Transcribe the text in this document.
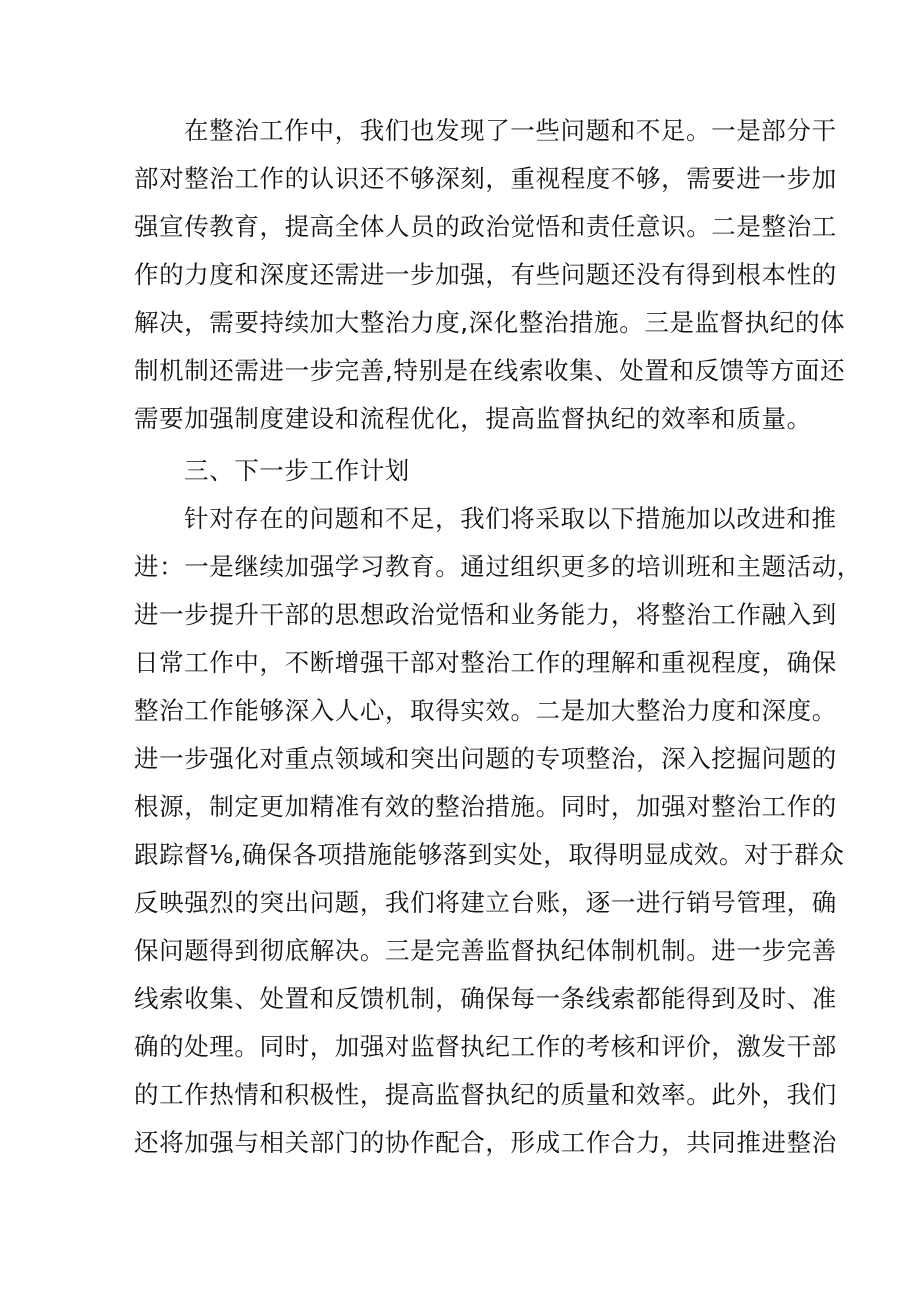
在整治工作中，我们也发现了一些问题和不足。一是部分干
部对整治工作的认识还不够深刻，重视程度不够，需要进一步加
强宣传教育，提高全体人员的政治觉悟和责任意识。二是整治工
作的力度和深度还需进一步加强，有些问题还没有得到根本性的
解决，需要持续加大整治力度,深化整治措施。三是监督执纪的体
制机制还需进一步完善,特别是在线索收集、处置和反馈等方面还
需要加强制度建设和流程优化，提高监督执纪的效率和质量。
三、下一步工作计划
针对存在的问题和不足，我们将采取以下措施加以改进和推
进：一是继续加强学习教育。通过组织更多的培训班和主题活动，
进一步提升干部的思想政治觉悟和业务能力，将整治工作融入到
日常工作中，不断增强干部对整治工作的理解和重视程度，确保
整治工作能够深入人心，取得实效。二是加大整治力度和深度。
进一步强化对重点领域和突出问题的专项整治，深入挖掘问题的
根源，制定更加精准有效的整治措施。同时，加强对整治工作的
跟踪督⅛,确保各项措施能够落到实处，取得明显成效。对于群众
反映强烈的突出问题，我们将建立台账，逐一进行销号管理，确
保问题得到彻底解决。三是完善监督执纪体制机制。进一步完善
线索收集、处置和反馈机制，确保每一条线索都能得到及时、准
确的处理。同时，加强对监督执纪工作的考核和评价，激发干部
的工作热情和积极性，提高监督执纪的质量和效率。此外，我们
还将加强与相关部门的协作配合，形成工作合力，共同推进整治
